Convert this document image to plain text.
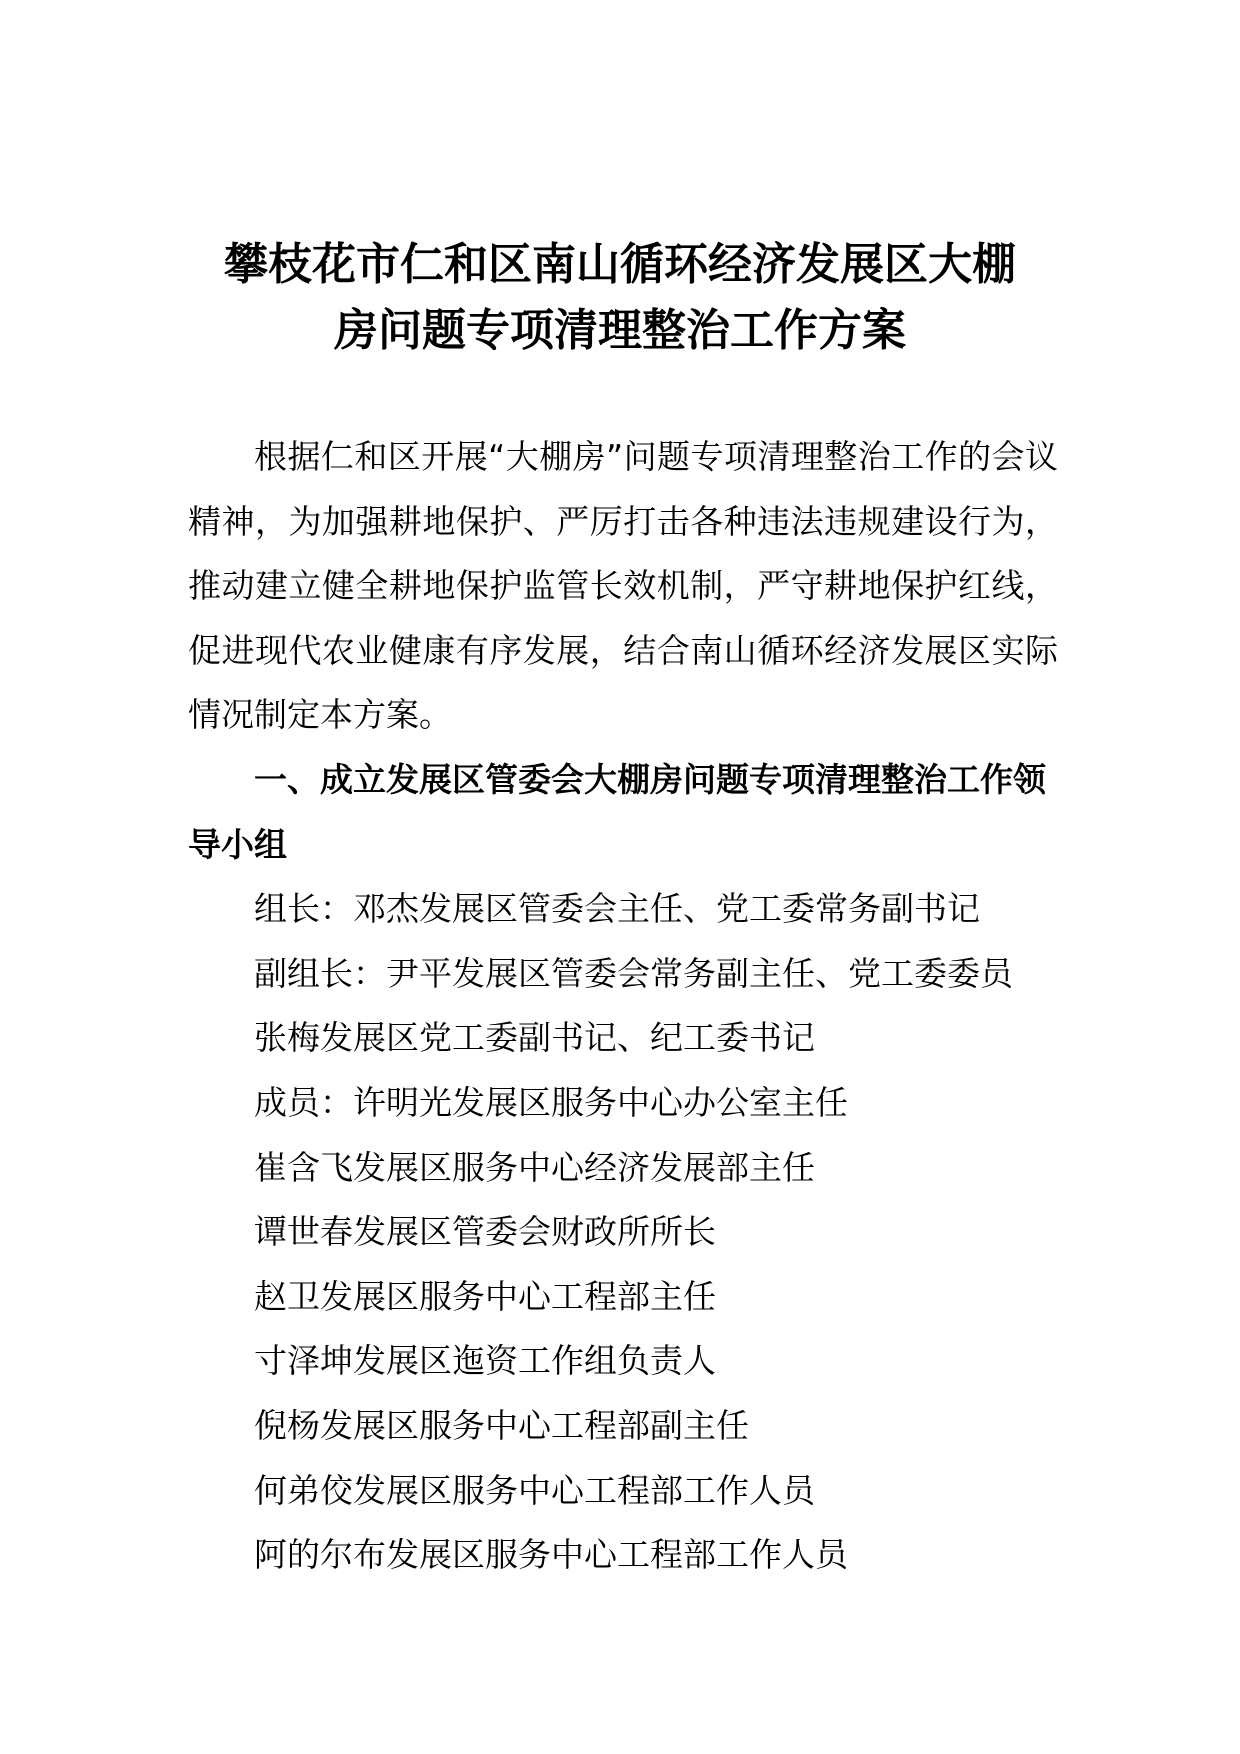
攀枝花市仁和区南山循环经济发展区大棚
房问题专项清理整治工作方案

根据仁和区开展“大棚房”问题专项清理整治工作的会议精神，为加强耕地保护、严厉打击各种违法违规建设行为，推动建立健全耕地保护监管长效机制，严守耕地保护红线，促进现代农业健康有序发展，结合南山循环经济发展区实际情况制定本方案。

一、成立发展区管委会大棚房问题专项清理整治工作领导小组

组长：邓杰发展区管委会主任、党工委常务副书记

副组长：尹平发展区管委会常务副主任、党工委委员

张梅发展区党工委副书记、纪工委书记

成员：许明光发展区服务中心办公室主任

崔含飞发展区服务中心经济发展部主任

谭世春发展区管委会财政所所长

赵卫发展区服务中心工程部主任

寸泽坤发展区迤资工作组负责人

倪杨发展区服务中心工程部副主任

何弟佼发展区服务中心工程部工作人员

阿的尔布发展区服务中心工程部工作人员
